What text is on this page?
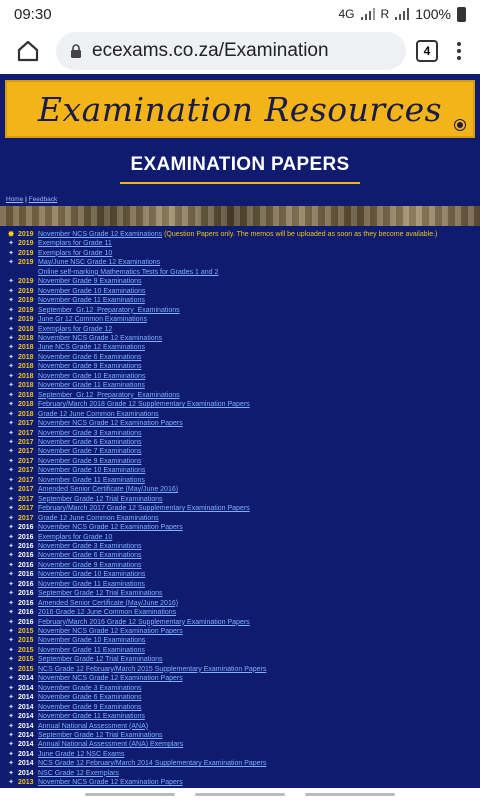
09:30	4G R 100%
ecexams.co.za/Examination	4
Examination Resources
EXAMINATION PAPERS
Home | Feedback
✸ 2019 November NCS Grade 12 Examinations (Question Papers only. The memos will be uploaded as soon as they become available.)
✦ 2019 Exemplars for Grade 11
✦ 2019 Exemplars for Grade 10
✦ 2019 May/June NSC Grade 12 Examinations
Online self-marking Mathematics Tests for Grades 1 and 2
✦ 2019 November Grade 9 Examinations
✦ 2019 November Grade 10 Examinations
✦ 2019 November Grade 11 Examinations
✦ 2019 September_Gr.12_Preparatory_Examinations
✦ 2019 June Gr 12 Common Examinations
✦ 2018 Exemplars for Grade 12
✦ 2018 November NCS Grade 12 Examinations
✦ 2018 June NCS Grade 12 Examinations
✦ 2018 November Grade 6 Examinations
✦ 2018 November Grade 9 Examinations
✦ 2018 November Grade 10 Examinations
✦ 2018 November Grade 11 Examinations
✦ 2018 September_Gr.12_Preparatory_Examinations
✦ 2018 February/March 2018 Grade 12 Supplementary Examination Papers
✦ 2018 Grade 12 June Common Examinations
✦ 2017 November NCS Grade 12 Examination Papers
✦ 2017 November Grade 3 Examinations
✦ 2017 November Grade 6 Examinations
✦ 2017 November Grade 7 Examinations
✦ 2017 November Grade 9 Examinations
✦ 2017 November Grade 10 Examinations
✦ 2017 November Grade 11 Examinations
✦ 2017 Amended Senior Certificate (May/June 2016)
✦ 2017 September Grade 12 Trial Examinations
✦ 2017 February/March 2017 Grade 12 Supplementary Examination Papers
✦ 2017 Grade 12 June Common Examinations
✦ 2016 November NCS Grade 12 Examination Papers
✦ 2016 Exemplars for Grade 10
✦ 2016 November Grade 3 Examinations
✦ 2016 November Grade 6 Examinations
✦ 2016 November Grade 9 Examinations
✦ 2016 November Grade 10 Examinations
✦ 2016 November Grade 11 Examinations
✦ 2016 September Grade 12 Trial Examinations
✦ 2016 Amended Senior Certificate (May/June 2016)
✦ 2016 2016 Grade 12 June Common Examinations
✦ 2016 February/March 2016 Grade 12 Supplementary Examination Papers
✦ 2015 November NCS Grade 12 Examination Papers
✦ 2015 November Grade 10 Examinations
✦ 2015 November Grade 11 Examinations
✦ 2015 September Grade 12 Trial Examinations
✦ 2015 NCS Grade 12 February/March 2015 Supplementary Examination Papers
✦ 2014 November NCS Grade 12 Examination Papers
✦ 2014 November Grade 3 Examinations
✦ 2014 November Grade 6 Examinations
✦ 2014 November Grade 9 Examinations
✦ 2014 November Grade 11 Examinations
✦ 2014 Annual National Assessment (ANA)
✦ 2014 September Grade 12 Trial Examinations
✦ 2014 Annual National Assessment (ANA) Exemplars
✦ 2014 June Grade 12 NSC Exams
✦ 2014 NCS Grade 12 February/March 2014 Supplementary Examination Papers
✦ 2014 NSC Grade 12 Exemplars
✦ 2013 November NCS Grade 12 Examination Papers
